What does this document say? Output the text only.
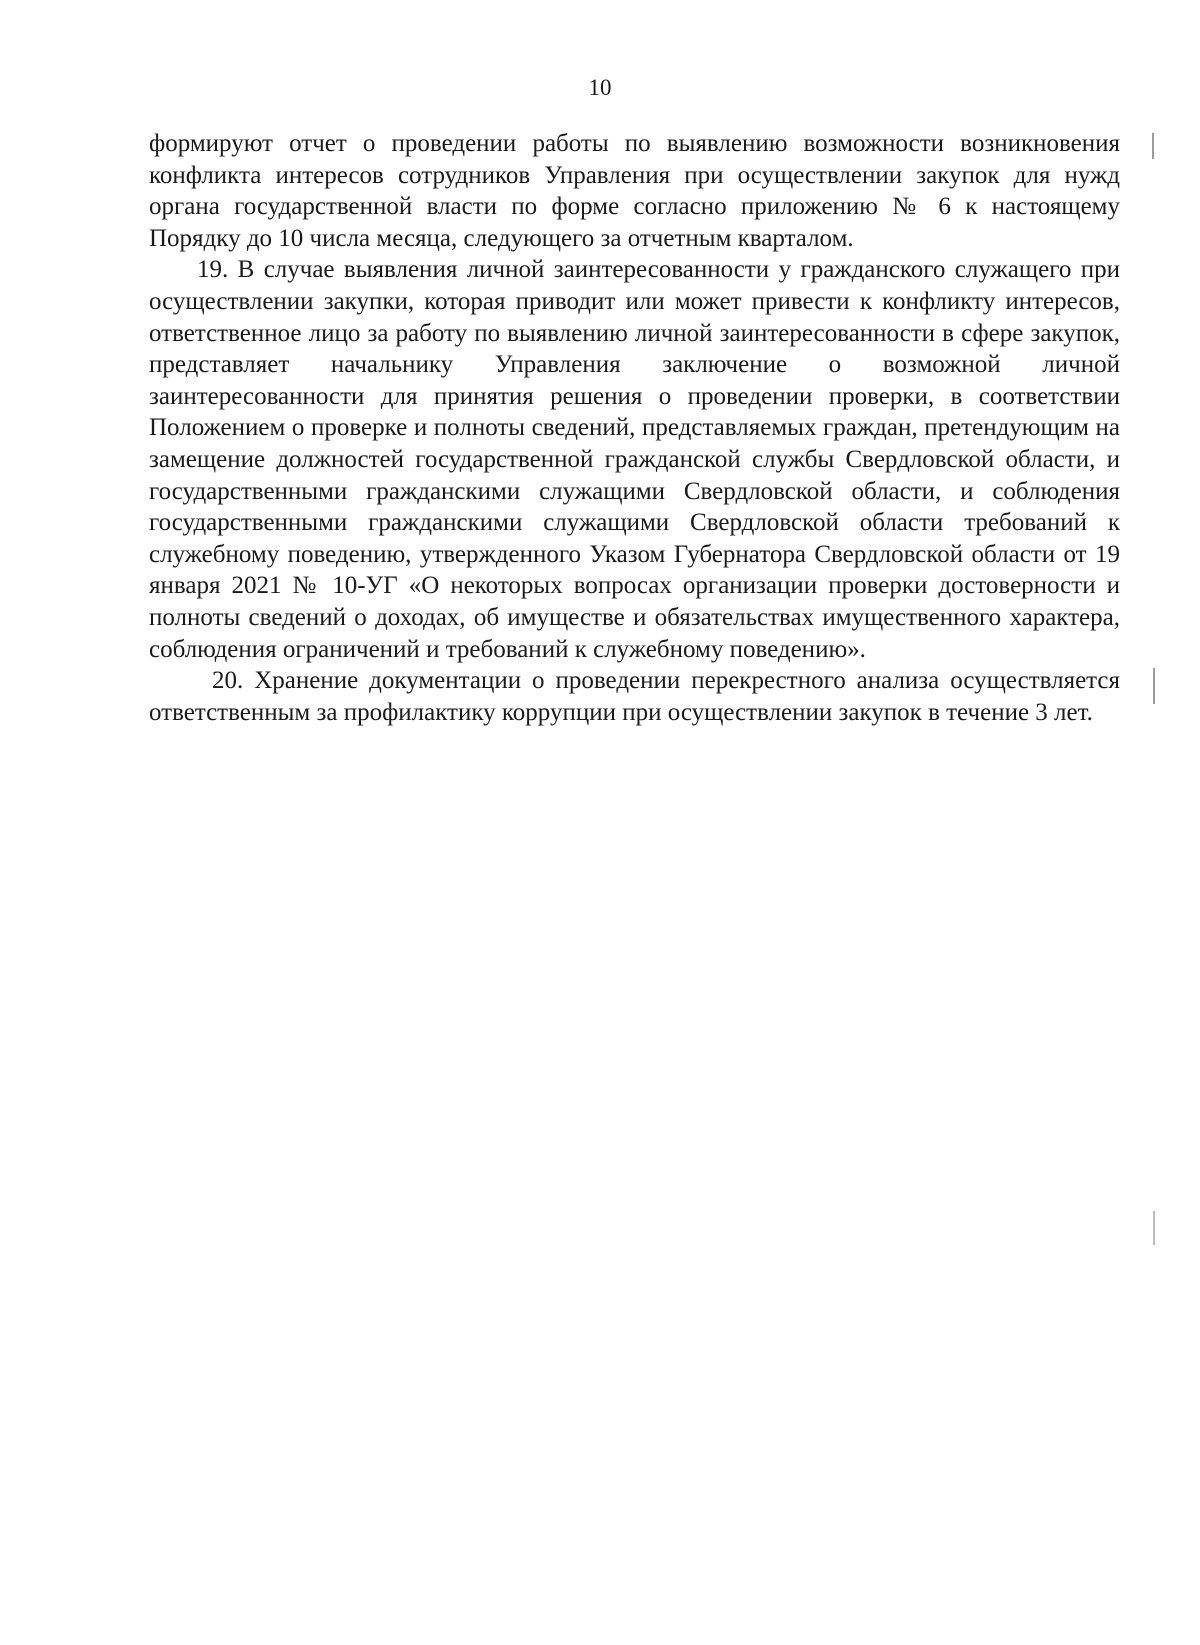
10

формируют отчет о проведении работы по выявлению возможности возникновения конфликта интересов сотрудников Управления при осуществлении закупок для нужд органа государственной власти по форме согласно приложению № 6 к настоящему Порядку до 10 числа месяца, следующего за отчетным кварталом.

19. В случае выявления личной заинтересованности у гражданского служащего при осуществлении закупки, которая приводит или может привести к конфликту интересов, ответственное лицо за работу по выявлению личной заинтересованности в сфере закупок, представляет начальнику Управления заключение о возможной личной заинтересованности для принятия решения о проведении проверки, в соответствии Положением о проверке и полноты сведений, представляемых граждан, претендующим на замещение должностей государственной гражданской службы Свердловской области, и государственными гражданскими служащими Свердловской области, и соблюдения государственными гражданскими служащими Свердловской области требований к служебному поведению, утвержденного Указом Губернатора Свердловской области от 19 января 2021 № 10-УГ «О некоторых вопросах организации проверки достоверности и полноты сведений о доходах, об имуществе и обязательствах имущественного характера, соблюдения ограничений и требований к служебному поведению».

20. Хранение документации о проведении перекрестного анализа осуществляется ответственным за профилактику коррупции при осуществлении закупок в течение 3 лет.
